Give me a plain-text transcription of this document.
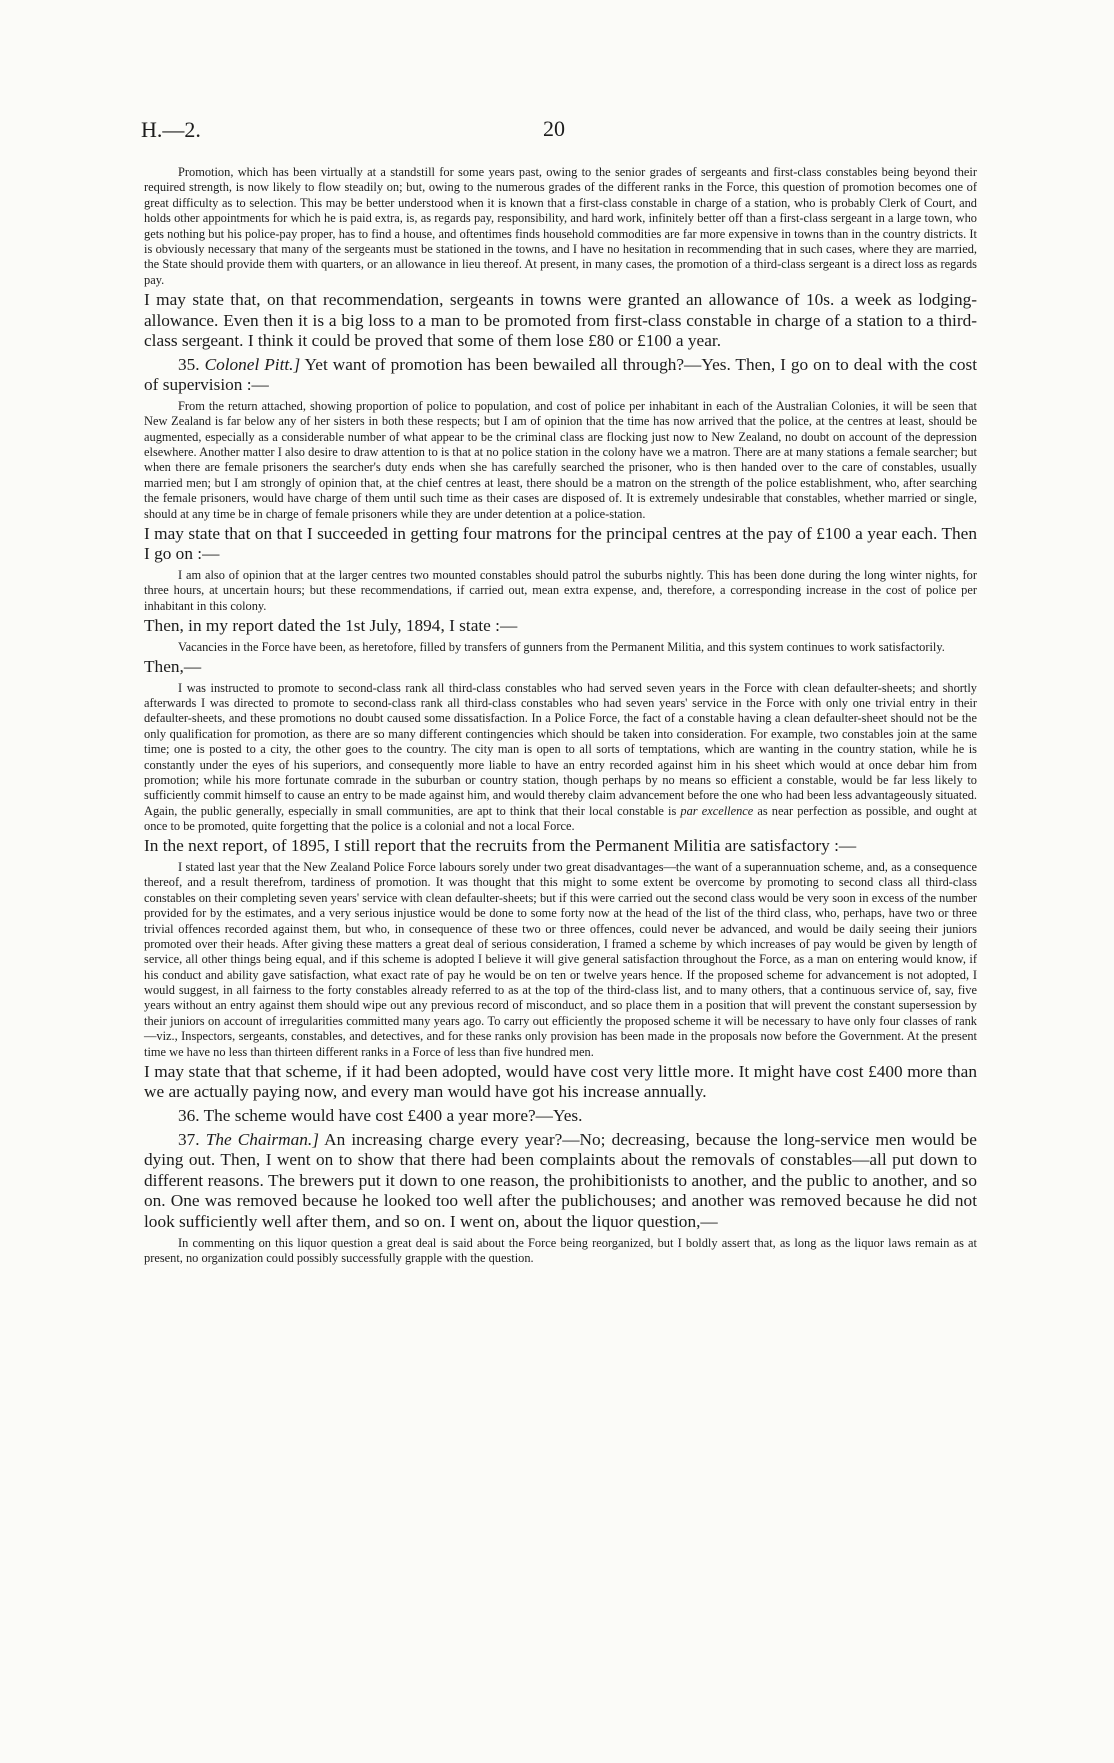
H.—2.	20

Promotion, which has been virtually at a standstill for some years past, owing to the senior grades of sergeants and first-class constables being beyond their required strength, is now likely to flow steadily on; but, owing to the numerous grades of the different ranks in the Force, this question of promotion becomes one of great difficulty as to selection. This may be better understood when it is known that a first-class constable in charge of a station, who is probably Clerk of Court, and holds other appointments for which he is paid extra, is, as regards pay, responsibility, and hard work, infinitely better off than a first-class sergeant in a large town, who gets nothing but his police-pay proper, has to find a house, and oftentimes finds household commodities are far more expensive in towns than in the country districts. It is obviously necessary that many of the sergeants must be stationed in the towns, and I have no hesitation in recommending that in such cases, where they are married, the State should provide them with quarters, or an allowance in lieu thereof. At present, in many cases, the promotion of a third-class sergeant is a direct loss as regards pay.

I may state that, on that recommendation, sergeants in towns were granted an allowance of 10s. a week as lodging-allowance. Even then it is a big loss to a man to be promoted from first-class constable in charge of a station to a third-class sergeant. I think it could be proved that some of them lose £80 or £100 a year.

35. Colonel Pitt.] Yet want of promotion has been bewailed all through?—Yes. Then, I go on to deal with the cost of supervision :—

From the return attached, showing proportion of police to population, and cost of police per inhabitant in each of the Australian Colonies, it will be seen that New Zealand is far below any of her sisters in both these respects; but I am of opinion that the time has now arrived that the police, at the centres at least, should be augmented, especially as a considerable number of what appear to be the criminal class are flocking just now to New Zealand, no doubt on account of the depression elsewhere. Another matter I also desire to draw attention to is that at no police station in the colony have we a matron. There are at many stations a female searcher; but when there are female prisoners the searcher's duty ends when she has carefully searched the prisoner, who is then handed over to the care of constables, usually married men; but I am strongly of opinion that, at the chief centres at least, there should be a matron on the strength of the police establishment, who, after searching the female prisoners, would have charge of them until such time as their cases are disposed of. It is extremely undesirable that constables, whether married or single, should at any time be in charge of female prisoners while they are under detention at a police-station.

I may state that on that I succeeded in getting four matrons for the principal centres at the pay of £100 a year each. Then I go on :—

I am also of opinion that at the larger centres two mounted constables should patrol the suburbs nightly. This has been done during the long winter nights, for three hours, at uncertain hours; but these recommendations, if carried out, mean extra expense, and, therefore, a corresponding increase in the cost of police per inhabitant in this colony.

Then, in my report dated the 1st July, 1894, I state :—

Vacancies in the Force have been, as heretofore, filled by transfers of gunners from the Permanent Militia, and this system continues to work satisfactorily.

Then,—

I was instructed to promote to second-class rank all third-class constables who had served seven years in the Force with clean defaulter-sheets; and shortly afterwards I was directed to promote to second-class rank all third-class constables who had seven years' service in the Force with only one trivial entry in their defaulter-sheets, and these promotions no doubt caused some dissatisfaction. In a Police Force, the fact of a constable having a clean defaulter-sheet should not be the only qualification for promotion, as there are so many different contingencies which should be taken into consideration. For example, two constables join at the same time; one is posted to a city, the other goes to the country. The city man is open to all sorts of temptations, which are wanting in the country station, while he is constantly under the eyes of his superiors, and consequently more liable to have an entry recorded against him in his sheet which would at once debar him from promotion; while his more fortunate comrade in the suburban or country station, though perhaps by no means so efficient a constable, would be far less likely to sufficiently commit himself to cause an entry to be made against him, and would thereby claim advancement before the one who had been less advantageously situated. Again, the public generally, especially in small communities, are apt to think that their local constable is par excellence as near perfection as possible, and ought at once to be promoted, quite forgetting that the police is a colonial and not a local Force.

In the next report, of 1895, I still report that the recruits from the Permanent Militia are satisfactory :—

I stated last year that the New Zealand Police Force labours sorely under two great disadvantages—the want of a superannuation scheme, and, as a consequence thereof, and a result therefrom, tardiness of promotion. It was thought that this might to some extent be overcome by promoting to second class all third-class constables on their completing seven years' service with clean defaulter-sheets; but if this were carried out the second class would be very soon in excess of the number provided for by the estimates, and a very serious injustice would be done to some forty now at the head of the list of the third class, who, perhaps, have two or three trivial offences recorded against them, but who, in consequence of these two or three offences, could never be advanced, and would be daily seeing their juniors promoted over their heads. After giving these matters a great deal of serious consideration, I framed a scheme by which increases of pay would be given by length of service, all other things being equal, and if this scheme is adopted I believe it will give general satisfaction throughout the Force, as a man on entering would know, if his conduct and ability gave satisfaction, what exact rate of pay he would be on ten or twelve years hence. If the proposed scheme for advancement is not adopted, I would suggest, in all fairness to the forty constables already referred to as at the top of the third-class list, and to many others, that a continuous service of, say, five years without an entry against them should wipe out any previous record of misconduct, and so place them in a position that will prevent the constant supersession by their juniors on account of irregularities committed many years ago. To carry out efficiently the proposed scheme it will be necessary to have only four classes of rank—viz., Inspectors, sergeants, constables, and detectives, and for these ranks only provision has been made in the proposals now before the Government. At the present time we have no less than thirteen different ranks in a Force of less than five hundred men.

I may state that that scheme, if it had been adopted, would have cost very little more. It might have cost £400 more than we are actually paying now, and every man would have got his increase annually.

36. The scheme would have cost £400 a year more?—Yes.

37. The Chairman.] An increasing charge every year?—No; decreasing, because the long-service men would be dying out. Then, I went on to show that there had been complaints about the removals of constables—all put down to different reasons. The brewers put it down to one reason, the prohibitionists to another, and the public to another, and so on. One was removed because he looked too well after the publichouses; and another was removed because he did not look sufficiently well after them, and so on. I went on, about the liquor question,—

In commenting on this liquor question a great deal is said about the Force being reorganized, but I boldly assert that, as long as the liquor laws remain as at present, no organization could possibly successfully grapple with the question.
